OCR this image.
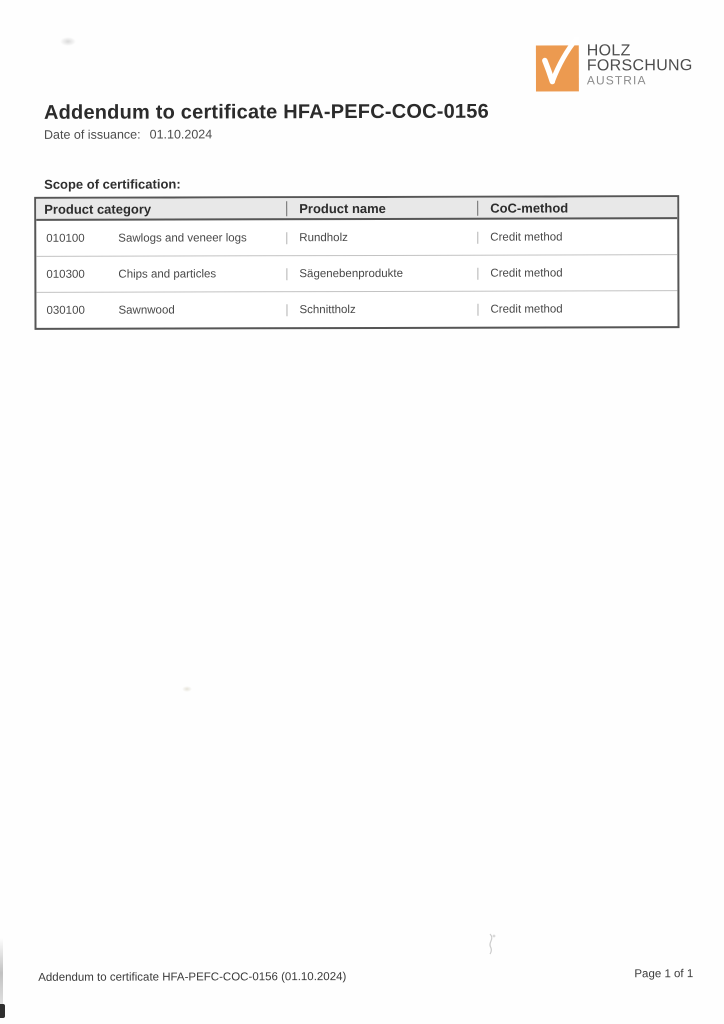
HOLZ
FORSCHUNG
AUSTRIA
Addendum to certificate HFA-PEFC-COC-0156
Date of issuance: 01.10.2024
Scope of certification:
Product category	Product name	CoC-method
010100	Sawlogs and veneer logs	Rundholz	Credit method
010300	Chips and particles	Sägenebenprodukte	Credit method
030100	Sawnwood	Schnittholz	Credit method
Addendum to certificate HFA-PEFC-COC-0156 (01.10.2024)	Page 1 of 1
